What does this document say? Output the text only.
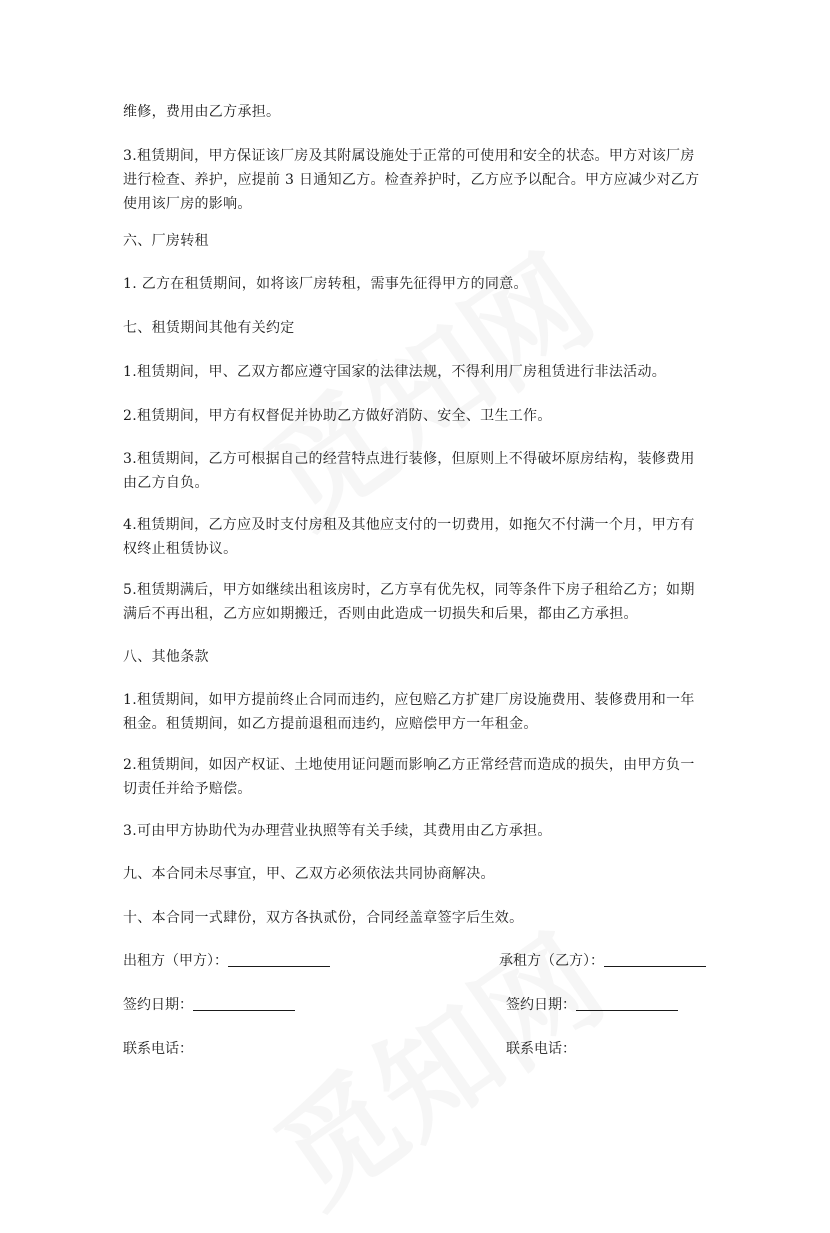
维修，费用由乙方承担。

3.租赁期间，甲方保证该厂房及其附属设施处于正常的可使用和安全的状态。甲方对该厂房进行检查、养护，应提前 3 日通知乙方。检查养护时，乙方应予以配合。甲方应减少对乙方使用该厂房的影响。

六、厂房转租

1. 乙方在租赁期间，如将该厂房转租，需事先征得甲方的同意。

七、租赁期间其他有关约定

1.租赁期间，甲、乙双方都应遵守国家的法律法规，不得利用厂房租赁进行非法活动。

2.租赁期间，甲方有权督促并协助乙方做好消防、安全、卫生工作。

3.租赁期间，乙方可根据自己的经营特点进行装修，但原则上不得破坏原房结构，装修费用由乙方自负。

4.租赁期间，乙方应及时支付房租及其他应支付的一切费用，如拖欠不付满一个月，甲方有权终止租赁协议。

5.租赁期满后，甲方如继续出租该房时，乙方享有优先权，同等条件下房子租给乙方；如期满后不再出租，乙方应如期搬迁，否则由此造成一切损失和后果，都由乙方承担。

八、其他条款

1.租赁期间，如甲方提前终止合同而违约，应包赔乙方扩建厂房设施费用、装修费用和一年租金。租赁期间，如乙方提前退租而违约，应赔偿甲方一年租金。

2.租赁期间，如因产权证、土地使用证问题而影响乙方正常经营而造成的损失，由甲方负一切责任并给予赔偿。

3.可由甲方协助代为办理营业执照等有关手续，其费用由乙方承担。

九、本合同未尽事宜，甲、乙双方必须依法共同协商解决。

十、本合同一式肆份，双方各执贰份，合同经盖章签字后生效。

出租方（甲方）：	承租方（乙方）：
签约日期：	签约日期：
联系电话：	联系电话：
